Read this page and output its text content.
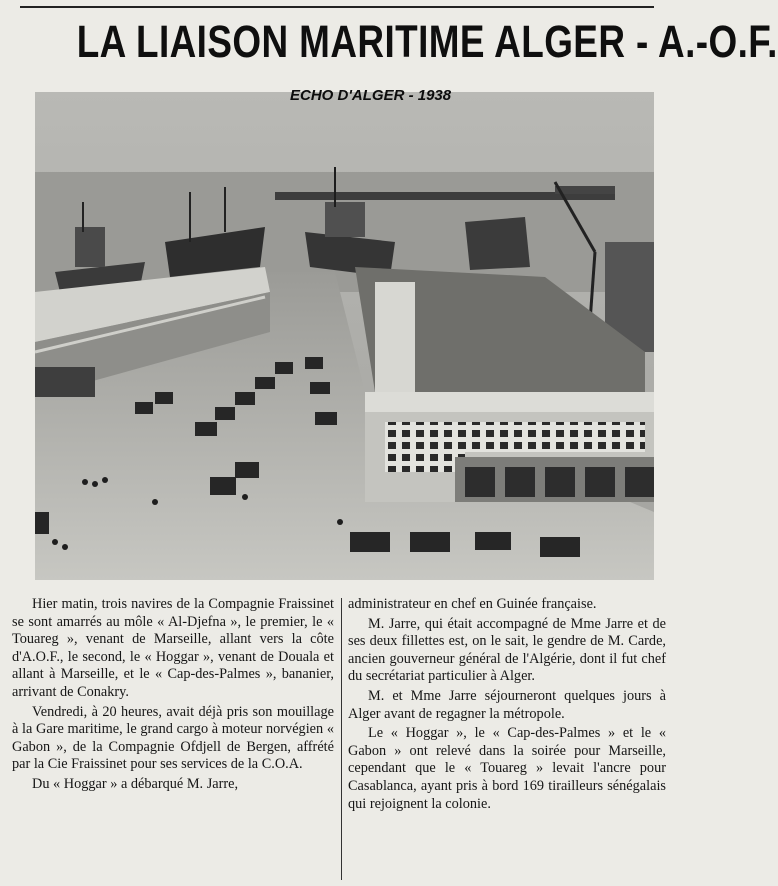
LA LIAISON MARITIME ALGER - A.-O.F.
ECHO D'ALGER - 1938

Hier matin, trois navires de la Compagnie Fraissinet se sont amarrés au môle « Al-Djefna », le premier, le « Touareg », venant de Marseille, allant vers la côte d'A.O.F., le second, le « Hoggar », venant de Douala et allant à Marseille, et le « Cap-des-Palmes », bananier, arrivant de Conakry.

Vendredi, à 20 heures, avait déjà pris son mouillage à la Gare maritime, le grand cargo à moteur norvégien « Gabon », de la Compagnie Ofdjell de Bergen, affrété par la Cie Fraissinet pour ses services de la C.O.A.

Du « Hoggar » a débarqué M. Jarre,

administrateur en chef en Guinée française.

M. Jarre, qui était accompagné de Mme Jarre et de ses deux fillettes est, on le sait, le gendre de M. Carde, ancien gouverneur général de l'Algérie, dont il fut chef du secrétariat particulier à Alger.

M. et Mme Jarre séjourneront quelques jours à Alger avant de regagner la métropole.

Le « Hoggar », le « Cap-des-Palmes » et le « Gabon » ont relevé dans la soirée pour Marseille, cependant que le « Touareg » levait l'ancre pour Casablanca, ayant pris à bord 169 tirailleurs sénégalais qui rejoignent la colonie.
